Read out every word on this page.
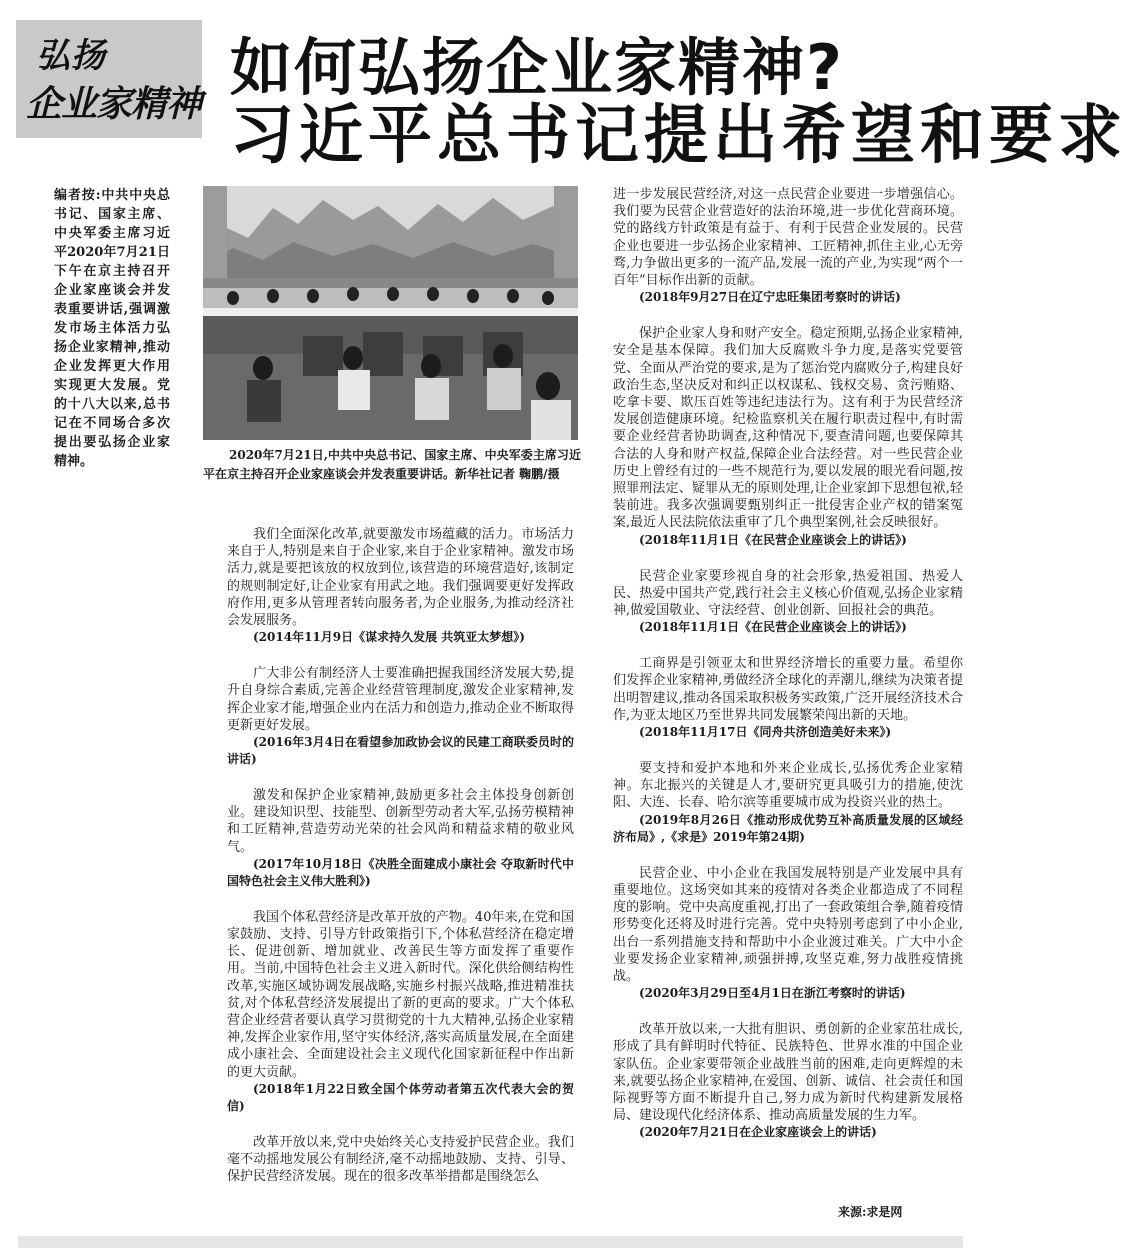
弘扬
企业家精神
如何弘扬企业家精神?
习近平总书记提出希望和要求
编者按:中共中央总书记、国家主席、中央军委主席习近平2020年7月21日下午在京主持召开企业家座谈会并发表重要讲话,强调激发市场主体活力弘扬企业家精神,推动企业发挥更大作用实现更大发展。党的十八大以来,总书记在不同场合多次提出要弘扬企业家精神。	2020年7月21日,中共中央总书记、国家主席、中央军委主席习近平在京主持召开企业家座谈会并发表重要讲话。新华社记者 鞠鹏/摄

我们全面深化改革,就要激发市场蕴藏的活力。市场活力来自于人,特别是来自于企业家,来自于企业家精神。激发市场活力,就是要把该放的权放到位,该营造的环境营造好,该制定的规则制定好,让企业家有用武之地。我们强调要更好发挥政府作用,更多从管理者转向服务者,为企业服务,为推动经济社会发展服务。

(2014年11月9日《谋求持久发展 共筑亚太梦想》)

广大非公有制经济人士要准确把握我国经济发展大势,提升自身综合素质,完善企业经营管理制度,激发企业家精神,发挥企业家才能,增强企业内在活力和创造力,推动企业不断取得更新更好发展。

(2016年3月4日在看望参加政协会议的民建工商联委员时的讲话)

激发和保护企业家精神,鼓励更多社会主体投身创新创业。建设知识型、技能型、创新型劳动者大军,弘扬劳模精神和工匠精神,营造劳动光荣的社会风尚和精益求精的敬业风气。

(2017年10月18日《决胜全面建成小康社会 夺取新时代中国特色社会主义伟大胜利》)

我国个体私营经济是改革开放的产物。40年来,在党和国家鼓励、支持、引导方针政策指引下,个体私营经济在稳定增长、促进创新、增加就业、改善民生等方面发挥了重要作用。当前,中国特色社会主义进入新时代。深化供给侧结构性改革,实施区域协调发展战略,实施乡村振兴战略,推进精准扶贫,对个体私营经济发展提出了新的更高的要求。广大个体私营企业经营者要认真学习贯彻党的十九大精神,弘扬企业家精神,发挥企业家作用,坚守实体经济,落实高质量发展,在全面建成小康社会、全面建设社会主义现代化国家新征程中作出新的更大贡献。

(2018年1月22日致全国个体劳动者第五次代表大会的贺信)

改革开放以来,党中央始终关心支持爱护民营企业。我们毫不动摇地发展公有制经济,毫不动摇地鼓励、支持、引导、保护民营经济发展。现在的很多改革举措都是围绕怎么

进一步发展民营经济,对这一点民营企业要进一步增强信心。我们要为民营企业营造好的法治环境,进一步优化营商环境。党的路线方针政策是有益于、有利于民营企业发展的。民营企业也要进一步弘扬企业家精神、工匠精神,抓住主业,心无旁骛,力争做出更多的一流产品,发展一流的产业,为实现“两个一百年”目标作出新的贡献。

(2018年9月27日在辽宁忠旺集团考察时的讲话)

保护企业家人身和财产安全。稳定预期,弘扬企业家精神,安全是基本保障。我们加大反腐败斗争力度,是落实党要管党、全面从严治党的要求,是为了惩治党内腐败分子,构建良好政治生态,坚决反对和纠正以权谋私、钱权交易、贪污贿赂、吃拿卡要、欺压百姓等违纪违法行为。这有利于为民营经济发展创造健康环境。纪检监察机关在履行职责过程中,有时需要企业经营者协助调查,这种情况下,要查清问题,也要保障其合法的人身和财产权益,保障企业合法经营。对一些民营企业历史上曾经有过的一些不规范行为,要以发展的眼光看问题,按照罪刑法定、疑罪从无的原则处理,让企业家卸下思想包袱,轻装前进。我多次强调要甄别纠正一批侵害企业产权的错案冤案,最近人民法院依法重审了几个典型案例,社会反映很好。

(2018年11月1日《在民营企业座谈会上的讲话》)

民营企业家要珍视自身的社会形象,热爱祖国、热爱人民、热爱中国共产党,践行社会主义核心价值观,弘扬企业家精神,做爱国敬业、守法经营、创业创新、回报社会的典范。

(2018年11月1日《在民营企业座谈会上的讲话》)

工商界是引领亚太和世界经济增长的重要力量。希望你们发挥企业家精神,勇做经济全球化的弄潮儿,继续为决策者提出明智建议,推动各国采取积极务实政策,广泛开展经济技术合作,为亚太地区乃至世界共同发展繁荣闯出新的天地。

(2018年11月17日《同舟共济创造美好未来》)

要支持和爱护本地和外来企业成长,弘扬优秀企业家精神。东北振兴的关键是人才,要研究更具吸引力的措施,使沈阳、大连、长春、哈尔滨等重要城市成为投资兴业的热土。

(2019年8月26日《推动形成优势互补高质量发展的区域经济布局》,《求是》2019年第24期)

民营企业、中小企业在我国发展特别是产业发展中具有重要地位。这场突如其来的疫情对各类企业都造成了不同程度的影响。党中央高度重视,打出了一套政策组合拳,随着疫情形势变化还将及时进行完善。党中央特别考虑到了中小企业,出台一系列措施支持和帮助中小企业渡过难关。广大中小企业要发扬企业家精神,顽强拼搏,攻坚克难,努力战胜疫情挑战。

(2020年3月29日至4月1日在浙江考察时的讲话)

改革开放以来,一大批有胆识、勇创新的企业家茁壮成长,形成了具有鲜明时代特征、民族特色、世界水准的中国企业家队伍。企业家要带领企业战胜当前的困难,走向更辉煌的未来,就要弘扬企业家精神,在爱国、创新、诚信、社会责任和国际视野等方面不断提升自己,努力成为新时代构建新发展格局、建设现代化经济体系、推动高质量发展的生力军。

(2020年7月21日在企业家座谈会上的讲话)

来源:求是网
